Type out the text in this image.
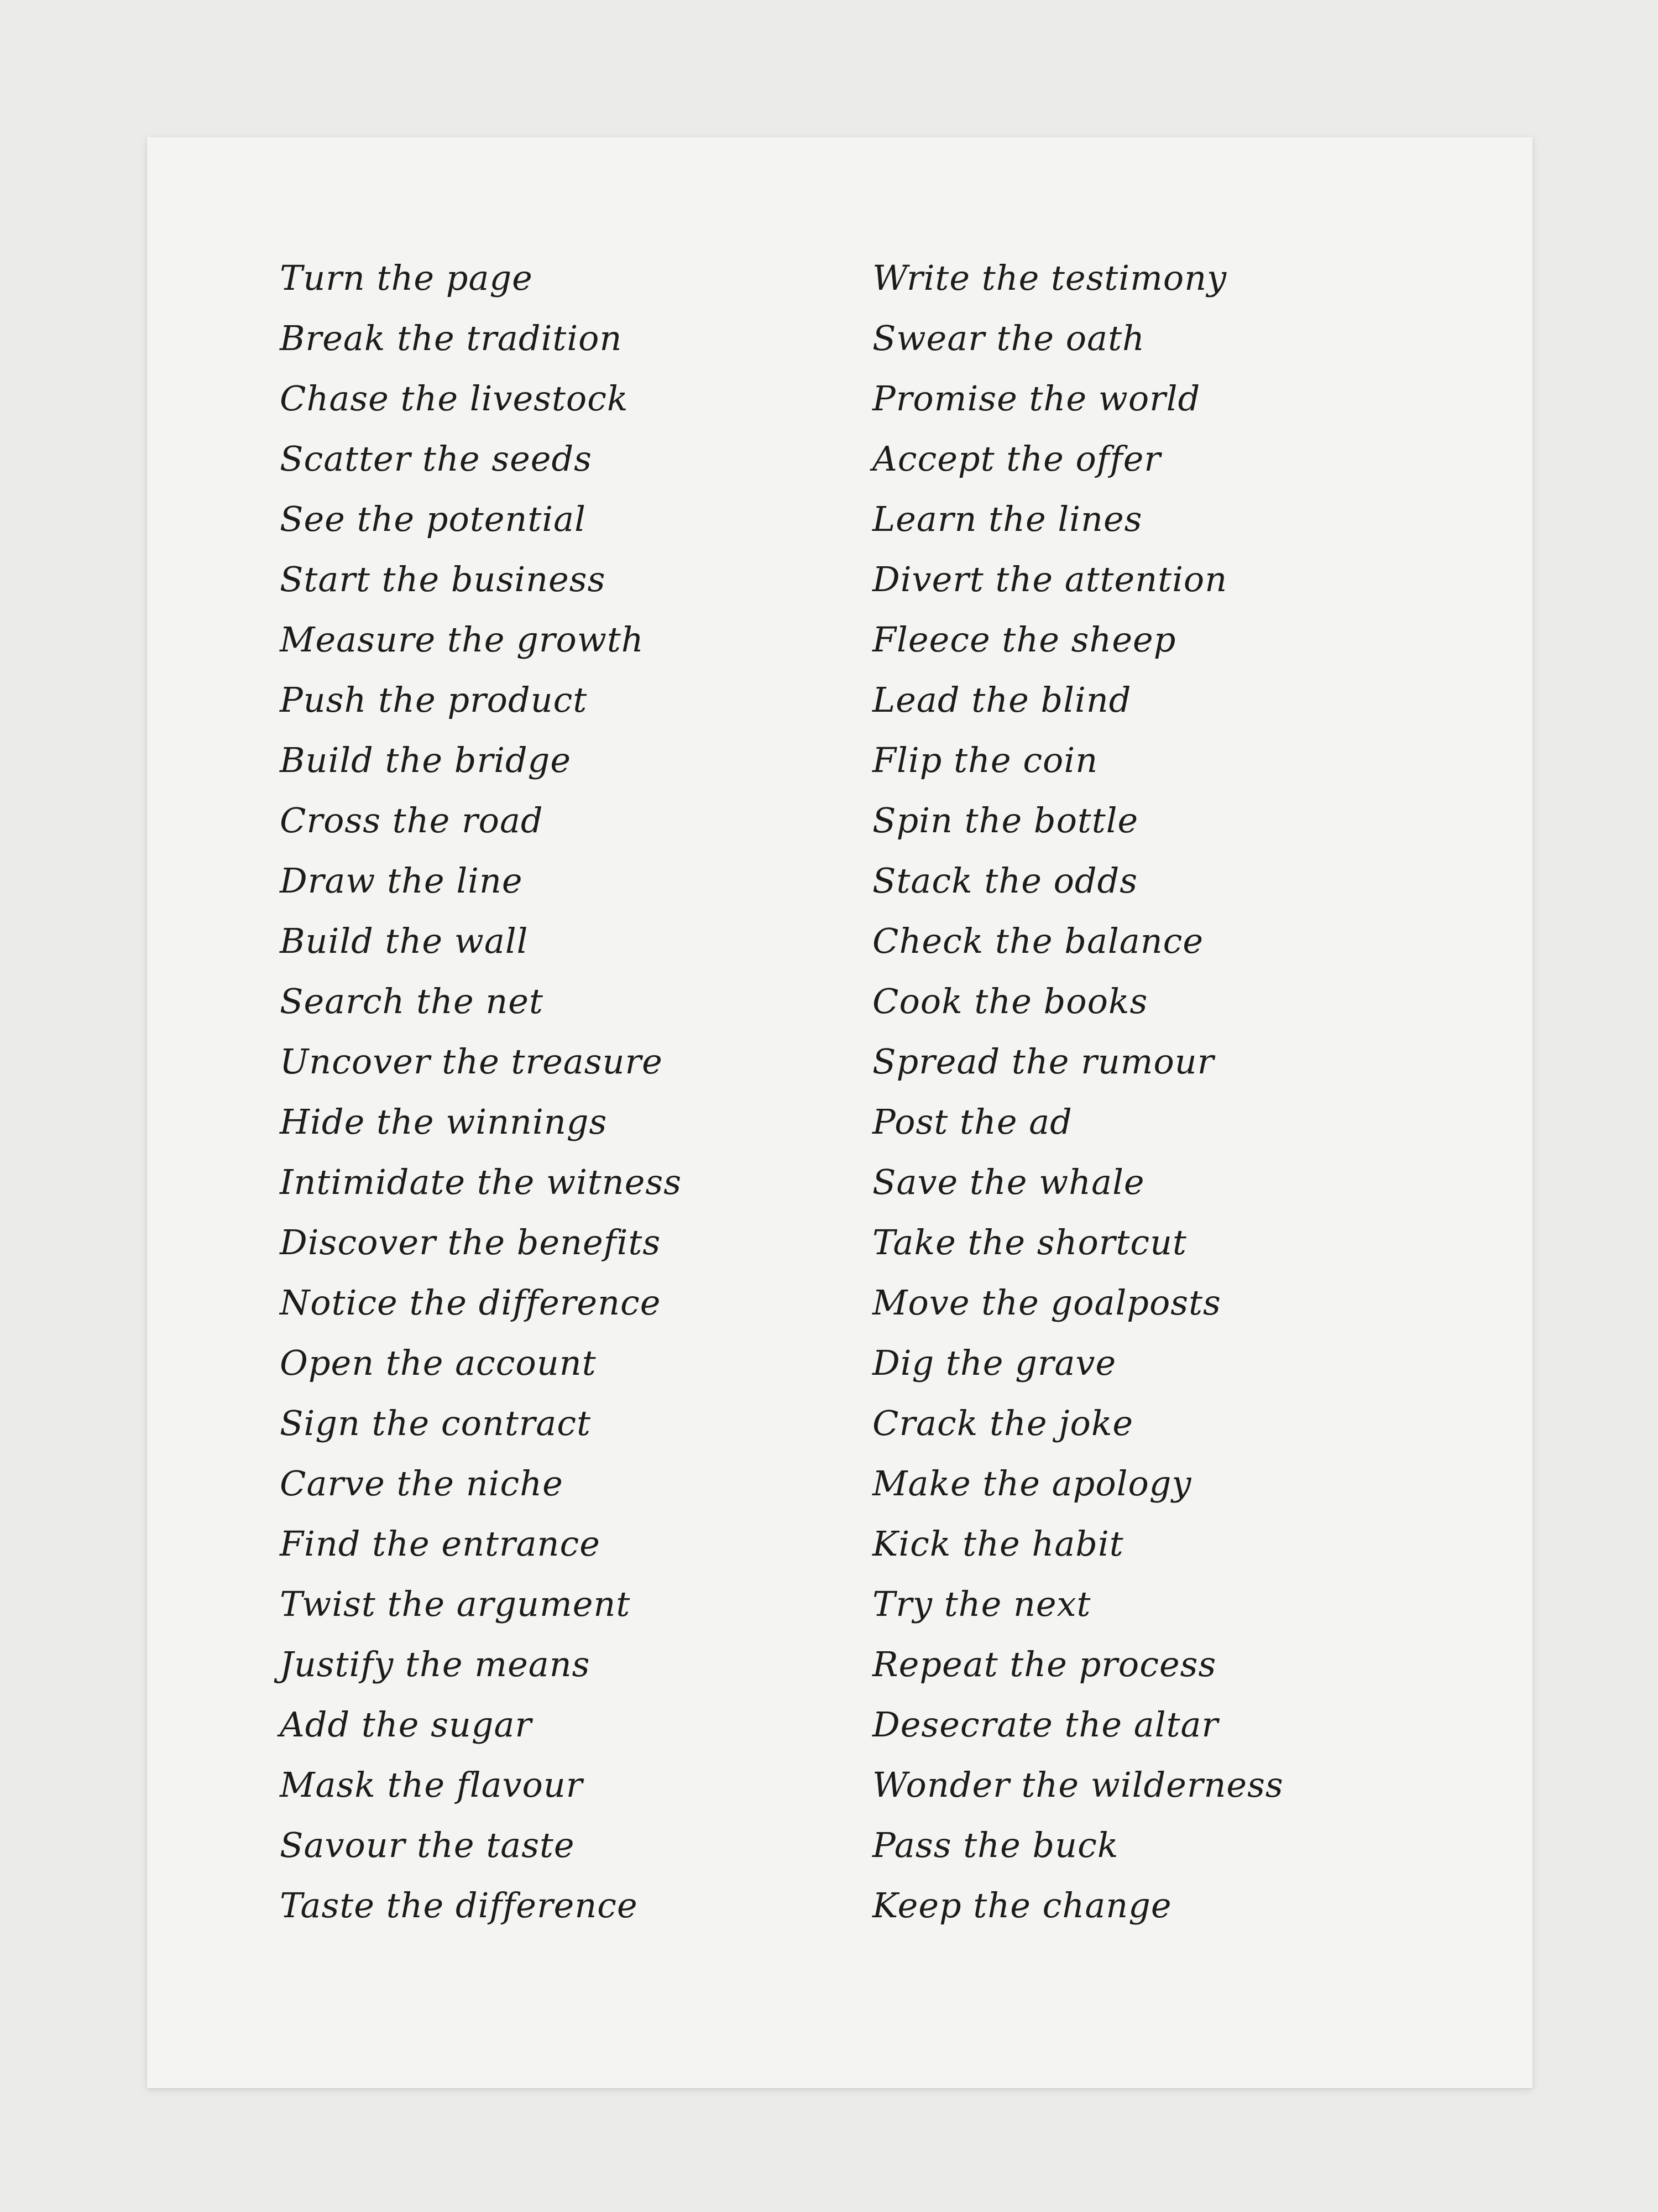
Turn the page
Break the tradition
Chase the livestock
Scatter the seeds
See the potential
Start the business
Measure the growth
Push the product
Build the bridge
Cross the road
Draw the line
Build the wall
Search the net
Uncover the treasure
Hide the winnings
Intimidate the witness
Discover the benefits
Notice the difference
Open the account
Sign the contract
Carve the niche
Find the entrance
Twist the argument
Justify the means
Add the sugar
Mask the flavour
Savour the taste
Taste the difference
Write the testimony
Swear the oath
Promise the world
Accept the offer
Learn the lines
Divert the attention
Fleece the sheep
Lead the blind
Flip the coin
Spin the bottle
Stack the odds
Check the balance
Cook the books
Spread the rumour
Post the ad
Save the whale
Take the shortcut
Move the goalposts
Dig the grave
Crack the joke
Make the apology
Kick the habit
Try the next
Repeat the process
Desecrate the altar
Wonder the wilderness
Pass the buck
Keep the change
